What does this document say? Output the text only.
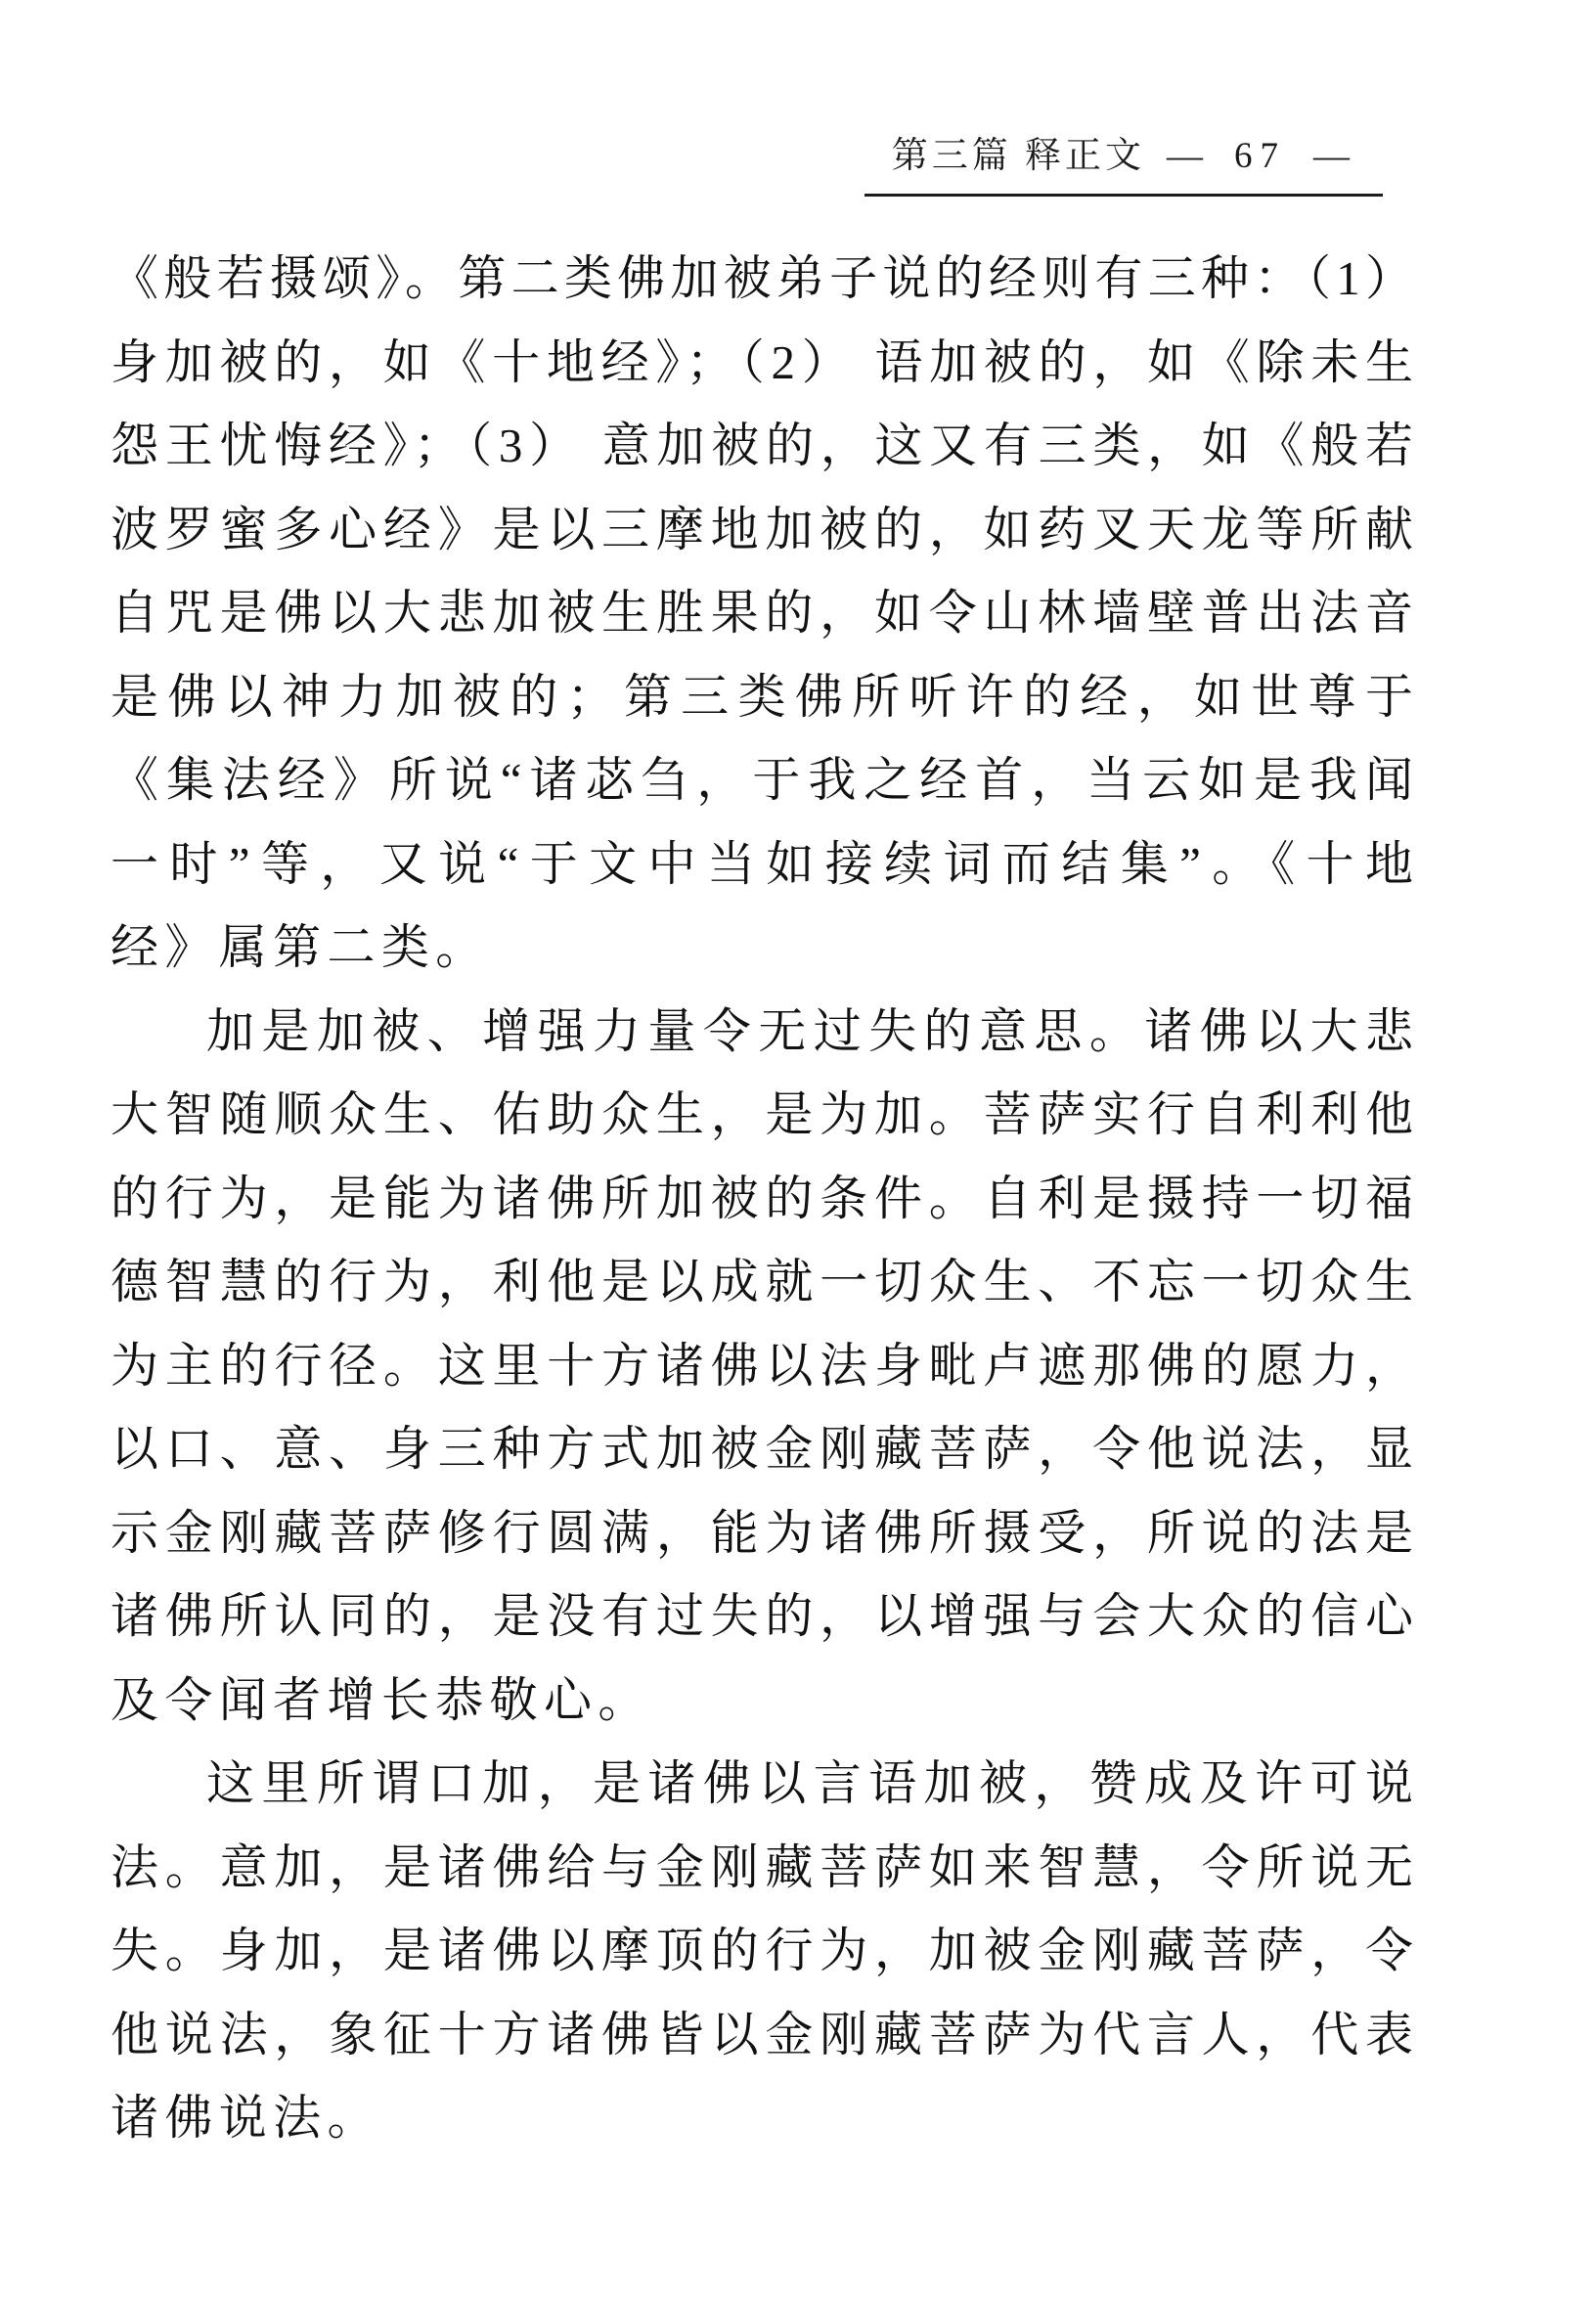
第三篇 释正文 — 67 —
《般若摄颂》。第二类佛加被弟子说的经则有三种：（1）
身加被的，如《十地经》；（2） 语加被的，如《除未生
怨王忧悔经》；（3） 意加被的，这又有三类，如《般若
波罗蜜多心经》是以三摩地加被的，如药叉天龙等所献
自咒是佛以大悲加被生胜果的，如令山林墙壁普出法音
是佛以神力加被的；第三类佛所听许的经，如世尊于
《集法经》所说“诸苾刍，于我之经首，当云如是我闻
一时”等，又说“于文中当如接续词而结集”。《十地
经》属第二类。
加是加被、增强力量令无过失的意思。诸佛以大悲
大智随顺众生、佑助众生，是为加。菩萨实行自利利他
的行为，是能为诸佛所加被的条件。自利是摄持一切福
德智慧的行为，利他是以成就一切众生、不忘一切众生
为主的行径。这里十方诸佛以法身毗卢遮那佛的愿力，
以口、意、身三种方式加被金刚藏菩萨，令他说法，显
示金刚藏菩萨修行圆满，能为诸佛所摄受，所说的法是
诸佛所认同的，是没有过失的，以增强与会大众的信心
及令闻者增长恭敬心。
这里所谓口加，是诸佛以言语加被，赞成及许可说
法。意加，是诸佛给与金刚藏菩萨如来智慧，令所说无
失。身加，是诸佛以摩顶的行为，加被金刚藏菩萨，令
他说法，象征十方诸佛皆以金刚藏菩萨为代言人，代表
诸佛说法。
